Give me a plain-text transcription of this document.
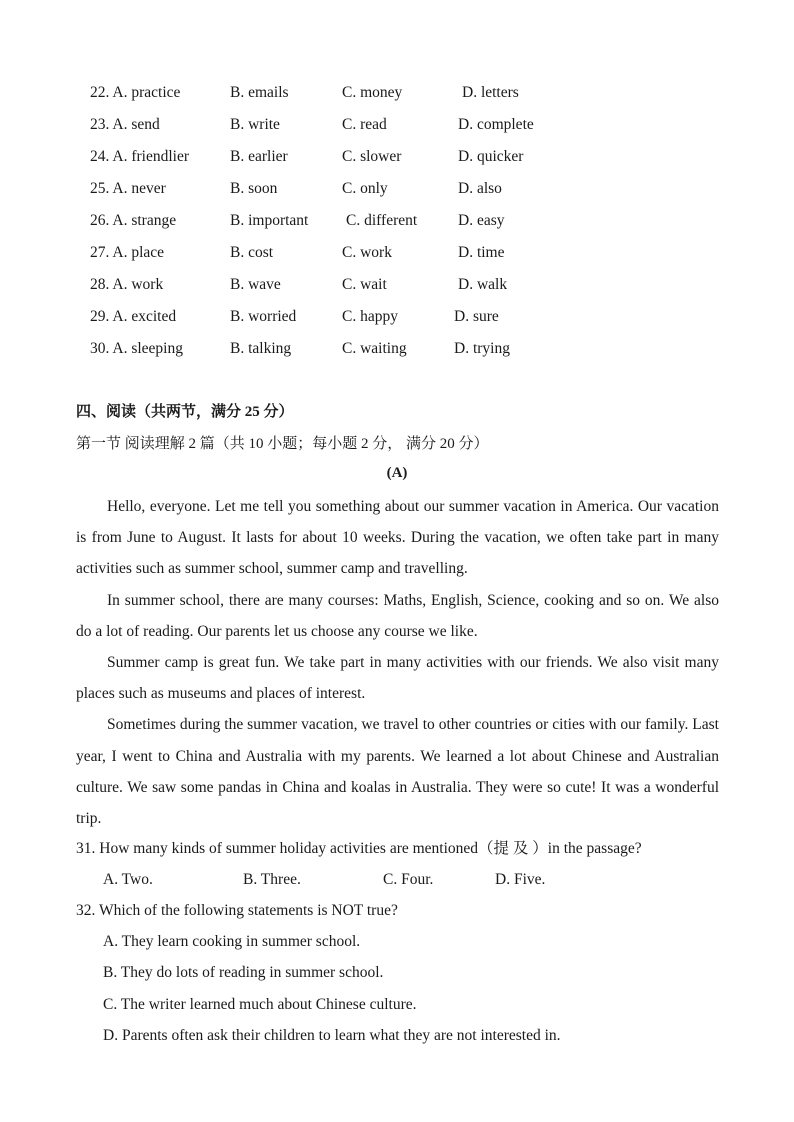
22. A. practice	B. emails	C. money	D. letters
23. A. send	B. write	C. read	D. complete
24. A. friendlier	B. earlier	C. slower	D. quicker
25. A. never	B. soon	C. only	D. also
26. A. strange	B. important C. different	D. easy
27. A. place	B. cost	C. work	D. time
28. A. work	B. wave	C. wait	D. walk
29. A. excited	B. worried	C. happy	D. sure
30. A. sleeping	B. talking	C. waiting	D. trying
四、阅读（共两节，满分 25 分）
第一节 阅读理解 2 篇（共 10 小题；每小题 2 分， 满分 20 分）
(A)

Hello, everyone. Let me tell you something about our summer vacation in America. Our vacation is from June to August. It lasts for about 10 weeks. During the vacation, we often take part in many activities such as summer school, summer camp and travelling.

In summer school, there are many courses: Maths, English, Science, cooking and so on. We also do a lot of reading. Our parents let us choose any course we like.

Summer camp is great fun. We take part in many activities with our friends. We also visit many places such as museums and places of interest.

Sometimes during the summer vacation, we travel to other countries or cities with our family. Last year, I went to China and Australia with my parents. We learned a lot about Chinese and Australian culture. We saw some pandas in China and koalas in Australia. They were so cute! It was a wonderful trip.

31. How many kinds of summer holiday activities are mentioned（提 及 ）in the passage?
A. Two.	B. Three.	C. Four.	D. Five.
32. Which of the following statements is NOT true?
A. They learn cooking in summer school.
B. They do lots of reading in summer school.
C. The writer learned much about Chinese culture.
D. Parents often ask their children to learn what they are not interested in.
